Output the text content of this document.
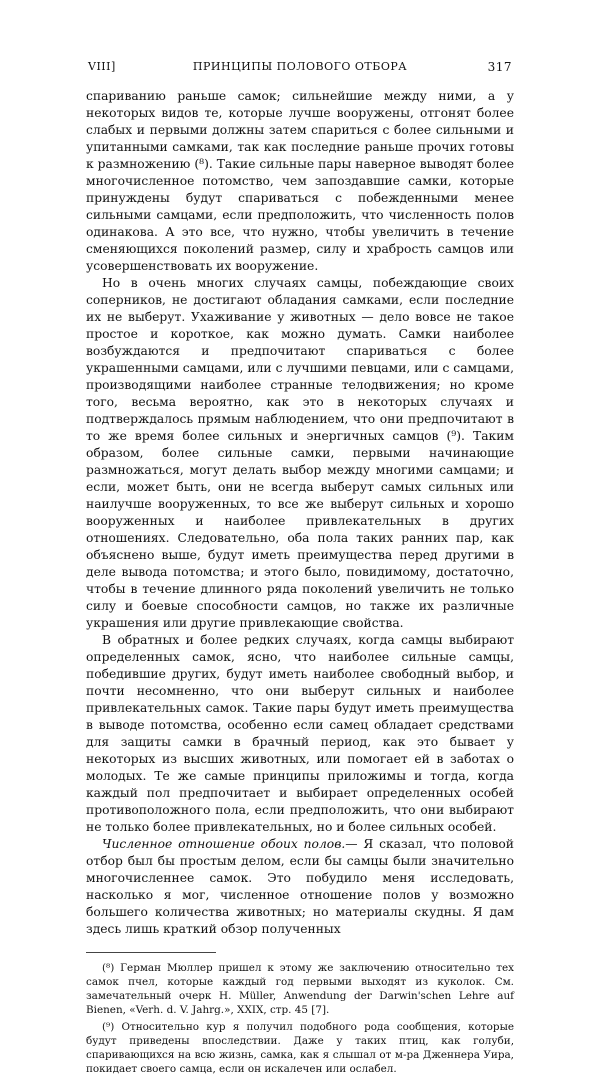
VIII]	ПРИНЦИПЫ ПОЛОВОГО ОТБОРА	317

спариванию раньше самок; сильнейшие между ними, а у некоторых видов те, которые лучше вооружены, отгонят более слабых и первыми должны затем спариться с более сильными и упитанными самками, так как последние раньше прочих готовы к размножению (⁸). Такие сильные пары наверное выводят более многочисленное потомство, чем запоздавшие самки, которые принуждены будут спариваться с побежденными менее сильными самцами, если предположить, что численность полов одинакова. А это все, что нужно, чтобы увеличить в течение сменяющихся поколений размер, силу и храбрость самцов или усовершенствовать их вооружение.

Но в очень многих случаях самцы, побеждающие своих соперников, не достигают обладания самками, если последние их не выберут. Ухаживание у животных — дело вовсе не такое простое и короткое, как можно думать. Самки наиболее возбуждаются и предпочитают спариваться с более украшенными самцами, или с лучшими певцами, или с самцами, производящими наиболее странные телодвижения; но кроме того, весьма вероятно, как это в некоторых случаях и подтверждалось прямым наблюдением, что они предпочитают в то же время более сильных и энергичных самцов (⁹). Таким образом, более сильные самки, первыми начинающие размножаться, могут делать выбор между многими самцами; и если, может быть, они не всегда выберут самых сильных или наилучше вооруженных, то все же выберут сильных и хорошо вооруженных и наиболее привлекательных в других отношениях. Следовательно, оба пола таких ранних пар, как объяснено выше, будут иметь преимущества перед другими в деле вывода потомства; и этого было, повидимому, достаточно, чтобы в течение длинного ряда поколений увеличить не только силу и боевые способности самцов, но также их различные украшения или другие привлекающие свойства.

В обратных и более редких случаях, когда самцы выбирают определенных самок, ясно, что наиболее сильные самцы, победившие других, будут иметь наиболее свободный выбор, и почти несомненно, что они выберут сильных и наиболее привлекательных самок. Такие пары будут иметь преимущества в выводе потомства, особенно если самец обладает средствами для защиты самки в брачный период, как это бывает у некоторых из высших животных, или помогает ей в заботах о молодых. Те же самые принципы приложимы и тогда, когда каждый пол предпочитает и выбирает определенных особей противоположного пола, если предположить, что они выбирают не только более привлекательных, но и более сильных особей.

Численное отношение обоих полов.— Я сказал, что половой отбор был бы простым делом, если бы самцы были значительно многочисленнее самок. Это побудило меня исследовать, насколько я мог, численное отношение полов у возможно большего количества животных; но материалы скудны. Я дам здесь лишь краткий обзор полученных

(⁸) Герман Мюллер пришел к этому же заключению относительно тех самок пчел, которые каждый год первыми выходят из куколок. См. замечательный очерк H. Müller, Anwendung der Darwin'schen Lehre auf Bienen, «Verh. d. V. Jahrg.», XXIX, стр. 45 [7].

(⁹) Относительно кур я получил подобного рода сообщения, которые будут приведены впоследствии. Даже у таких птиц, как голуби, спаривающихся на всю жизнь, самка, как я слышал от м-ра Дженнера Уира, покидает своего самца, если он искалечен или ослабел.
